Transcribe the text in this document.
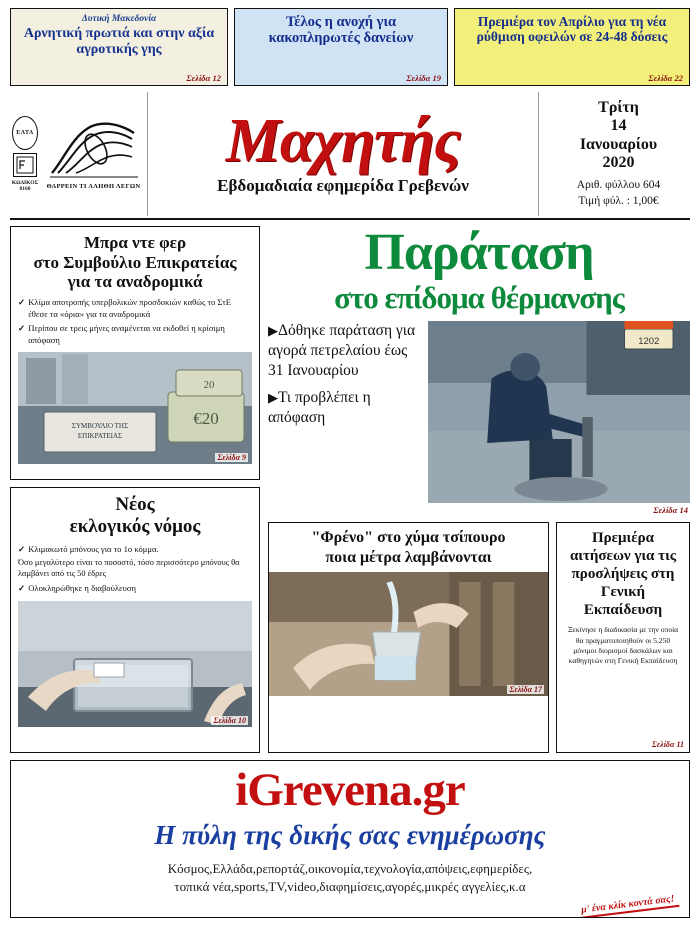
Δυτική Μακεδονία
Αρνητική πρωτιά και στην αξία αγροτικής γης
Σελίδα 12
Τέλος η ανοχή για κακοπληρωτές δανείων
Σελίδα 19
Πρεμιέρα τον Απρίλιο για τη νέα ρύθμιση οφειλών σε 24-48 δόσεις
Σελίδα 22
ΕΛΤΑ
ΚΩΔΙΚΟΣ
8160	ΘΑΡΡΕΙΝ ΤΙ ΑΛΗΘΗ ΛΕΓΩΝ
Μαχητής
Εβδομαδιαία εφημερίδα Γρεβενών
Τρίτη
14
Ιανουαρίου
2020
Αριθ. φύλλου 604
Τιμή φύλ. : 1,00€
Μπρα ντε φερ
στο Συμβούλιο Επικρατείας
για τα αναδρομικά
✓ Κλίμα αποτροπής υπερβολικών προσδοκιών καθώς το ΣτΕ έθεσε τα «όρια» για τα αναδρομικά
✓ Περίπου σε τρεις μήνες αναμένεται να εκδοθεί η κρίσιμη απόφαση
ΣΥΜΒΟΥΛΙΟ ΤΗΣ
ΕΠΙΚΡΑΤΕΙΑΣ
€20
20
Σελίδα 9
Νέος
εκλογικός νόμος
✓ Κλιμακωτό μπόνους για το 1ο κόμμα.
Όσο μεγαλύτερο είναι το ποσοστό, τόσο περισσότερο μπόνους θα λαμβάνει από τις 50 έδρες
✓ Ολοκληρώθηκε η διαβούλευση
Σελίδα 10
Παράταση
στο επίδομα θέρμανσης

▶Δόθηκε παράταση για αγορά πετρελαίου έως 31 Ιανουαρίου

▶Τι προβλέπει η απόφαση

1202
Σελίδα 14
"Φρένο" στο χύμα τσίπουρο
ποια μέτρα λαμβάνονται
Σελίδα 17
Πρεμιέρα αιτήσεων για τις προσλήψεις στη Γενική Εκπαίδευση

Ξεκίνησε η διαδικασία με την οποία θα πραγματοποιηθούν οι 5.250 μόνιμοι διορισμοί δασκάλων και καθηγητών στη Γενική Εκπαίδευση

Σελίδα 11
iGrevena.gr
Η πύλη της δικής σας ενημέρωσης
Κόσμος,Ελλάδα,ρεπορτάζ,οικονομία,τεχνολογία,απόψεις,εφημερίδες,
τοπικά νέα,sports,TV,video,διαφημίσεις,αγορές,μικρές αγγελίες,κ.α
μ' ένα κλίκ κοντά σας!
